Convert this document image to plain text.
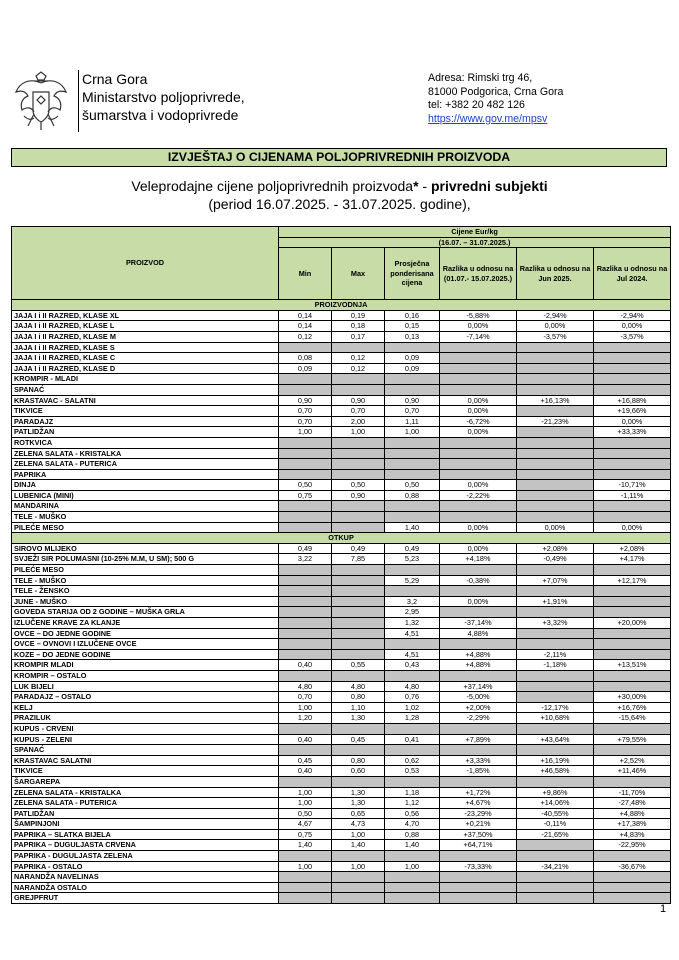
Crna Gora
Ministarstvo poljoprivrede,
šumarstva i vodoprivrede
Adresa: Rimski trg 46,
81000 Podgorica, Crna Gora
tel: +382 20 482 126
https://www.gov.me/mpsv
IZVJEŠTAJ O CIJENAMA POLJOPRIVREDNIH PROIZVODA
Veleprodajne cijene poljoprivrednih proizvoda* - privredni subjekti
(period 16.07.2025. - 31.07.2025. godine),
PROIZVOD	Cijene Eur/kg					
	(16.07. – 31.07.2025.)					
	Min	Max	Prosječna ponderisana cijena	Razlika u odnosu na (01.07.- 15.07.2025.)	Razlika u odnosu na Jun 2025.	Razlika u odnosu na Jul 2024.
PROIZVODNJA						
JAJA I i II RAZRED, KLASE XL	0,14	0,19	0,16	-5,88%	-2,94%	-2,94%
JAJA I i II RAZRED, KLASE L	0,14	0,18	0,15	0,00%	0,00%	0,00%
JAJA I i II RAZRED, KLASE M	0,12	0,17	0,13	-7,14%	-3,57%	-3,57%
JAJA I i II RAZRED, KLASE S						
JAJA I i II RAZRED, KLASE C	0,08	0,12	0,09			
JAJA I i II RAZRED, KLASE D	0,09	0,12	0,09			
KROMPIR - MLADI						
SPANAĆ						
KRASTAVAC - SALATNI	0,90	0,90	0,90	0,00%	+16,13%	+16,88%
TIKVICE	0,70	0,70	0,70	0,00%		+19,66%
PARADAJZ	0,70	2,00	1,11	-6,72%	-21,23%	0,00%
PATLIDŽAN	1,00	1,00	1,00	0,00%		+33,33%
ROTKVICA						
ZELENA SALATA - KRISTALKA						
ZELENA SALATA - PUTERICA						
PAPRIKA						
DINJA	0,50	0,50	0,50	0,00%		-10,71%
LUBENICA (MINI)	0,75	0,90	0,88	-2,22%		-1,11%
MANDARINA						
TELE - MUŠKO						
PILEĆE MESO			1,40	0,00%	0,00%	0,00%
OTKUP						
SIROVO MLIJEKO	0,49	0,49	0,49	0,00%	+2,08%	+2,08%
SVJEŽI SIR POLUMASNI (10-25% M.M, U SM); 500 G	3,22	7,85	5,23	+4,18%	-0,49%	+4,17%
PILEĆE MESO						
TELE - MUŠKO			5,29	-0,38%	+7,07%	+12,17%
TELE - ŽENSKO						
JUNE - MUŠKO			3,2	0,00%	+1,91%	
GOVEDA STARIJA OD 2 GODINE – MUŠKA GRLA			2,95			
IZLUČENE KRAVE ZA KLANJE			1,32	-37,14%	+3,32%	+20,00%
OVCE – DO JEDNE GODINE			4,51	4,88%		
OVCE – OVNOVI I IZLUČENE OVCE						
KOZE – DO JEDNE GODINE			4,51	+4,88%	-2,11%	
KROMPIR MLADI	0,40	0,55	0,43	+4,88%	-1,18%	+13,51%
KROMPIR – OSTALO						
LUK BIJELI	4,80	4,80	4,80	+37,14%		
PARADAJZ – OSTALO	0,70	0,80	0,76	-5,00%		+30,00%
KELJ	1,00	1,10	1,02	+2,00%	-12,17%	+16,76%
PRAZILUK	1,20	1,30	1,28	-2,29%	+10,68%	-15,64%
KUPUS - CRVENI						
KUPUS - ZELENI	0,40	0,45	0,41	+7,89%	+43,64%	+79,55%
SPANAĆ						
KRASTAVAC SALATNI	0,45	0,80	0,62	+3,33%	+16,19%	+2,52%
TIKVICE	0,40	0,60	0,53	-1,85%	+46,58%	+11,46%
ŠARGAREPA						
ZELENA SALATA - KRISTALKA	1,00	1,30	1,18	+1,72%	+9,86%	-11,70%
ZELENA SALATA - PUTERICA	1,00	1,30	1,12	+4,67%	+14,06%	-27,48%
PATLIDŽAN	0,50	0,65	0,56	-23,29%	-40,55%	+4,88%
ŠAMPINJONI	4,67	4,73	4,70	+0,21%	-0,11%	+17,38%
PAPRIKA – SLATKA BIJELA	0,75	1,00	0,88	+37,50%	-21,65%	+4,83%
PAPRIKA – DUGULJASTA CRVENA	1,40	1,40	1,40	+64,71%		-22,95%
PAPRIKA - DUGULJASTA ZELENA						
PAPRIKA - OSTALO	1,00	1,00	1,00	-73,33%	-34,21%	-36,67%
NARANDŽA NAVELINAS						
NARANDŽA OSTALO						
GREJPFRUT						
1
